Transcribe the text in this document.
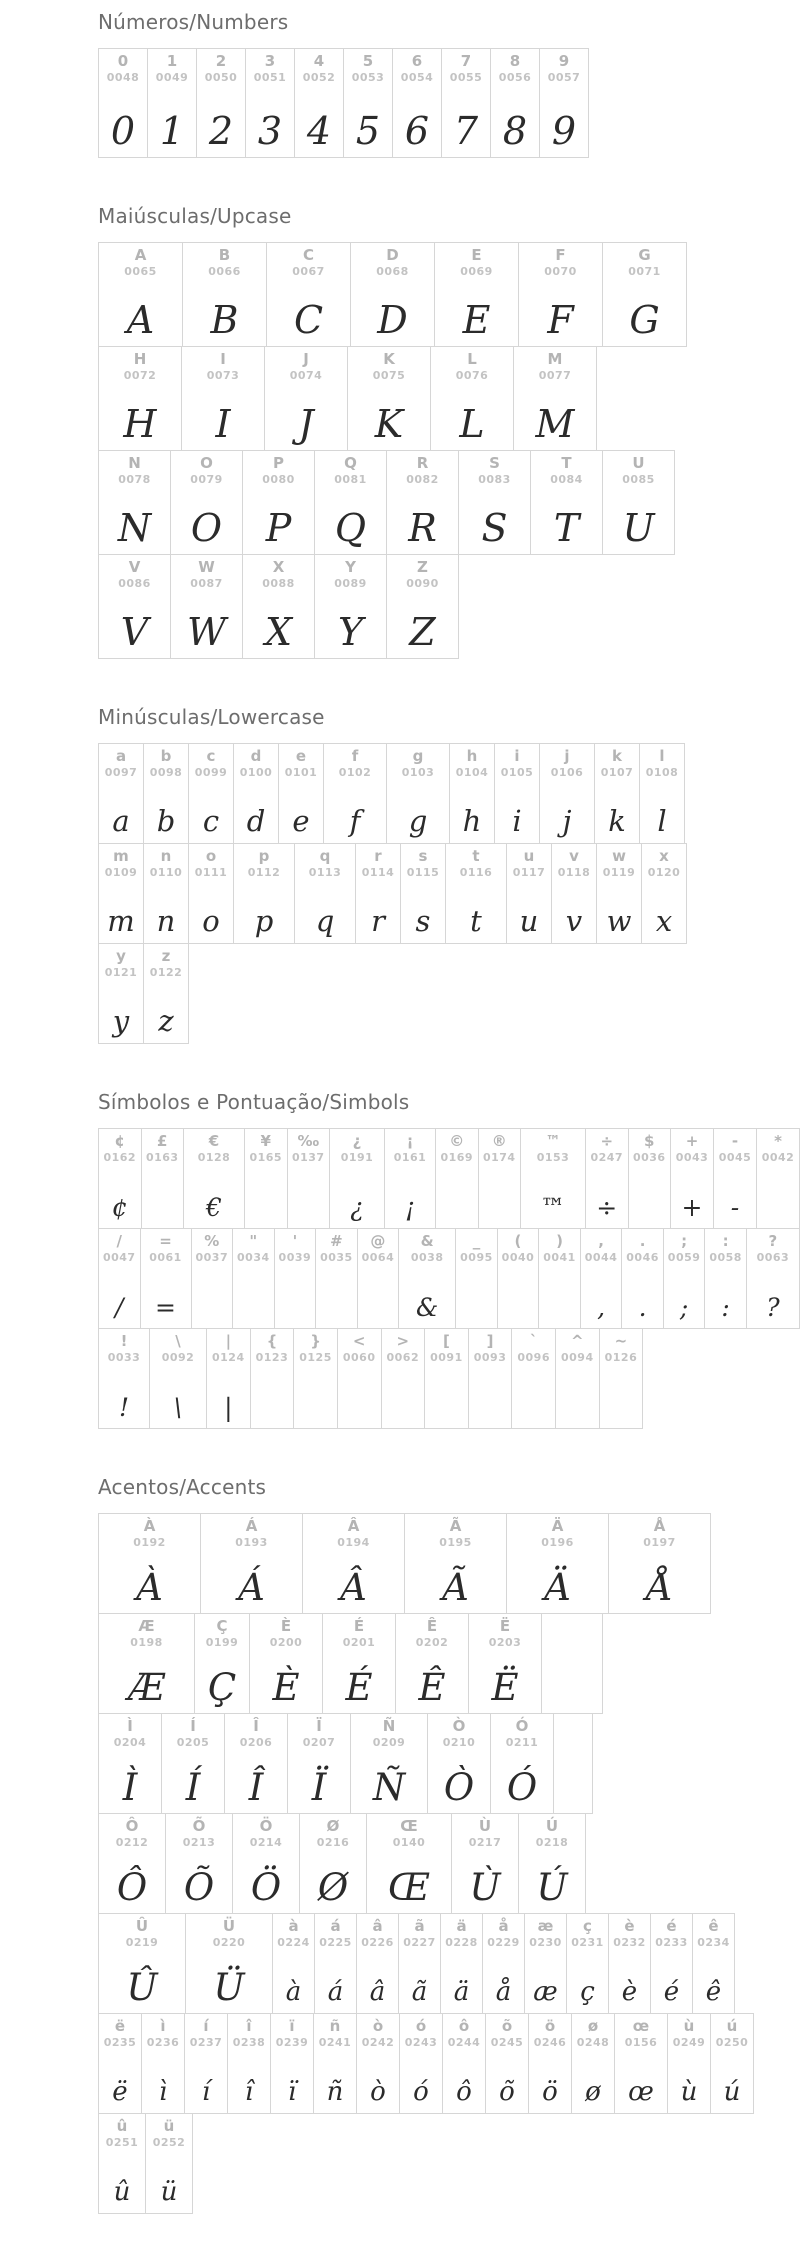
Números/Numbers
0
0048
0
1
0049
1
2
0050
2
3
0051
3
4
0052
4
5
0053
5
6
0054
6
7
0055
7
8
0056
8
9
0057
9
Maiúsculas/Upcase
A
0065
A
B
0066
B
C
0067
C
D
0068
D
E
0069
E
F
0070
F
G
0071
G
H
0072
H
I
0073
I
J
0074
J
K
0075
K
L
0076
L
M
0077
M
N
0078
N
O
0079
O
P
0080
P
Q
0081
Q
R
0082
R
S
0083
S
T
0084
T
U
0085
U
V
0086
V
W
0087
W
X
0088
X
Y
0089
Y
Z
0090
Z
Minúsculas/Lowercase
a
0097
a
b
0098
b
c
0099
c
d
0100
d
e
0101
e
f
0102
f
g
0103
g
h
0104
h
i
0105
i
j
0106
j
k
0107
k
l
0108
l
m
0109
m
n
0110
n
o
0111
o
p
0112
p
q
0113
q
r
0114
r
s
0115
s
t
0116
t
u
0117
u
v
0118
v
w
0119
w
x
0120
x
y
0121
y
z
0122
z
Símbolos e Pontuação/Simbols
¢
0162
¢
£
0163
€
0128
€
¥
0165
‰
0137
¿
0191
¿
¡
0161
¡
©
0169
®
0174
™
0153
™
÷
0247
÷
$
0036
+
0043
+
-
0045
-
*
0042
/
0047
/
=
0061
=
%
0037
"
0034
'
0039
#
0035
@
0064
&
0038
&
_
0095
(
0040
)
0041
,
0044
,
.
0046
.
;
0059
;
:
0058
:
?
0063
?
!
0033
!
\
0092
\
|
0124
|
{
0123
}
0125
<
0060
>
0062
[
0091
]
0093
`
0096
^
0094
~
0126
Acentos/Accents
À
0192
À
Á
0193
Á
Â
0194
Â
Ã
0195
Ã
Ä
0196
Ä
Å
0197
Å
Æ
0198
Æ
Ç
0199
Ç
È
0200
È
É
0201
É
Ê
0202
Ê
Ë
0203
Ë
Ì
0204
Ì
Í
0205
Í
Î
0206
Î
Ï
0207
Ï
Ñ
0209
Ñ
Ò
0210
Ò
Ó
0211
Ó
Ô
0212
Ô
Õ
0213
Õ
Ö
0214
Ö
Ø
0216
Ø
Œ
0140
Œ
Ù
0217
Ù
Ú
0218
Ú
Û
0219
Û
Ü
0220
Ü
à
0224
à
á
0225
á
â
0226
â
ã
0227
ã
ä
0228
ä
å
0229
å
æ
0230
æ
ç
0231
ç
è
0232
è
é
0233
é
ê
0234
ê
ë
0235
ë
ì
0236
ì
í
0237
í
î
0238
î
ï
0239
ï
ñ
0241
ñ
ò
0242
ò
ó
0243
ó
ô
0244
ô
õ
0245
õ
ö
0246
ö
ø
0248
ø
œ
0156
œ
ù
0249
ù
ú
0250
ú
û
0251
û
ü
0252
ü
